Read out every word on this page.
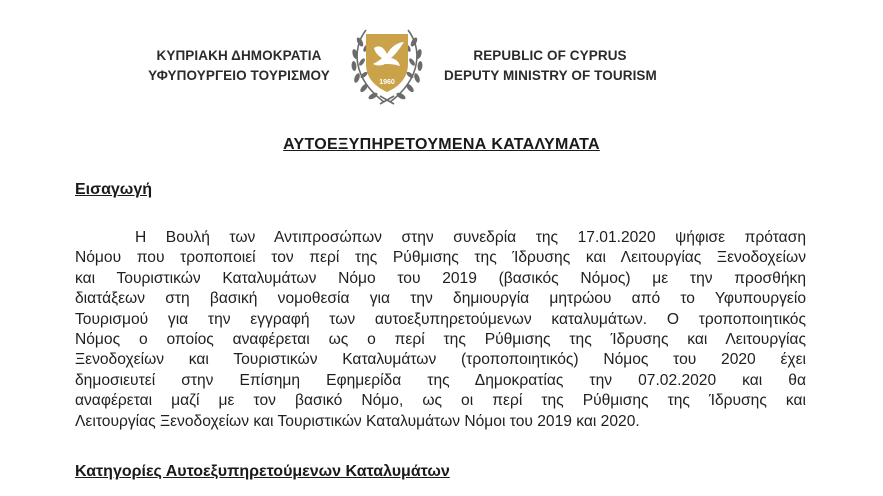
ΚΥΠΡΙΑΚΗ ΔΗΜΟΚΡΑΤΙΑ
ΥΦΥΠΟΥΡΓΕΙΟ ΤΟΥΡΙΣΜΟΥ	1960
REPUBLIC OF CYPRUS
DEPUTY MINISTRY OF TOURISM
ΑΥΤΟΕΞΥΠΗΡΕΤΟΥΜΕΝΑ ΚΑΤΑΛΥΜΑΤΑ
Εισαγωγή
Η Βουλή των Αντιπροσώπων στην συνεδρία της 17.01.2020 ψήφισε πρόταση
Νόμου που τροποποιεί τον περί της Ρύθμισης της Ίδρυσης και Λειτουργίας Ξενοδοχείων
και Τουριστικών Καταλυμάτων Νόμο του 2019 (βασικός Νόμος) με την προσθήκη
διατάξεων στη βασική νομοθεσία για την δημιουργία μητρώου από το Υφυπουργείο
Τουρισμού για την εγγραφή των αυτοεξυπηρετούμενων καταλυμάτων. Ο τροποποιητικός
Νόμος ο οποίος αναφέρεται ως ο περί της Ρύθμισης της Ίδρυσης και Λειτουργίας
Ξενοδοχείων και Τουριστικών Καταλυμάτων (τροποποιητικός) Νόμος του 2020 έχει
δημοσιευτεί στην Επίσημη Εφημερίδα της Δημοκρατίας την 07.02.2020 και θα
αναφέρεται μαζί με τον βασικό Νόμο, ως οι περί της Ρύθμισης της Ίδρυσης και
Λειτουργίας Ξενοδοχείων και Τουριστικών Καταλυμάτων Νόμοι του 2019 και 2020.
Κατηγορίες Αυτοεξυπηρετούμενων Καταλυμάτων
